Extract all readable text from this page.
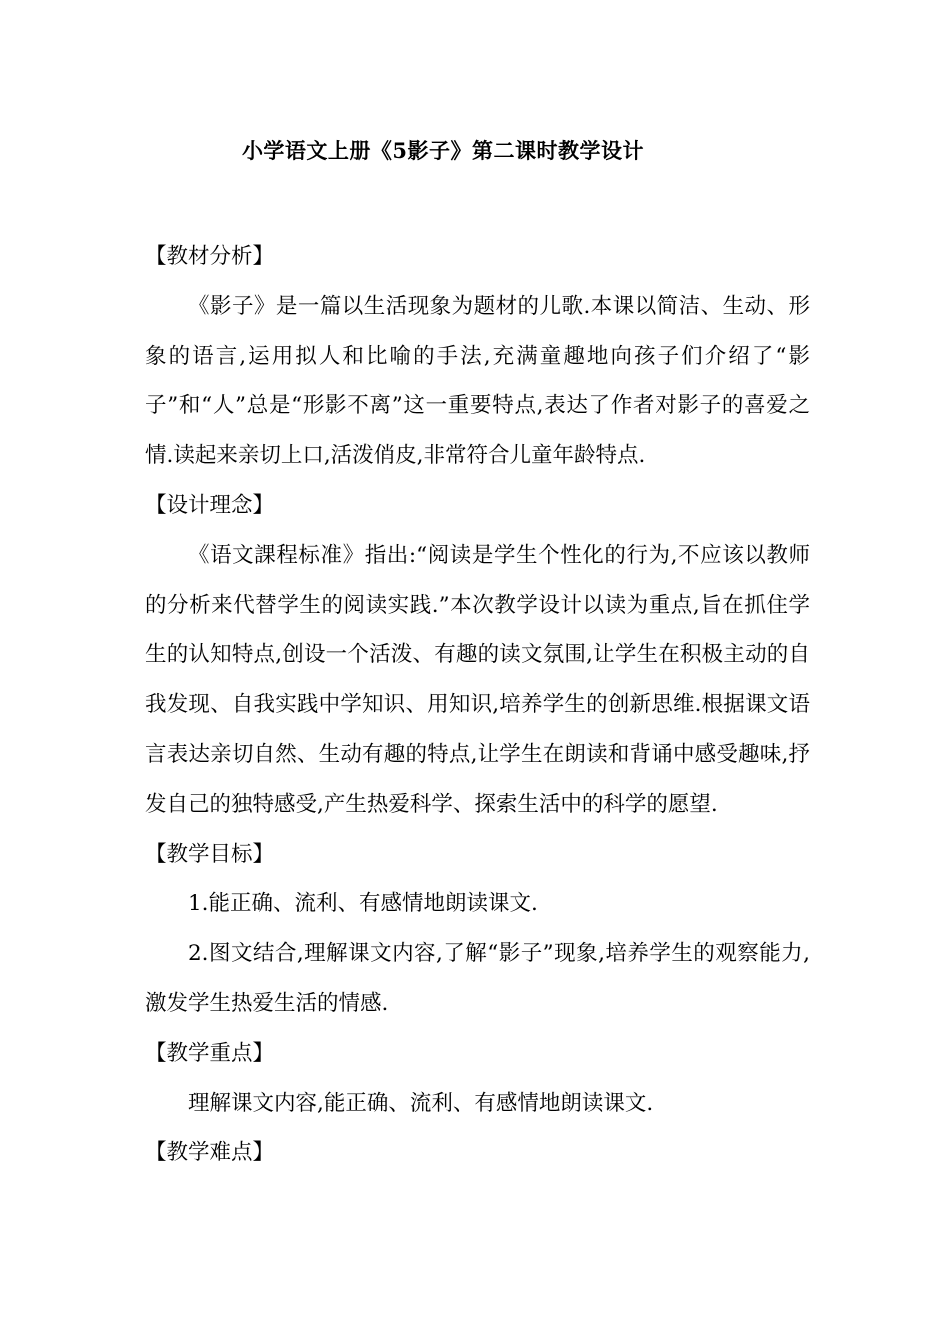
小学语文上册《5影子》第二课时教学设计

【教材分析】

《影子》是一篇以生活现象为题材的儿歌.本课以简洁、生动、形象的语言,运用拟人和比喻的手法,充满童趣地向孩子们介绍了“影子”和“人”总是“形影不离”这一重要特点,表达了作者对影子的喜爱之情.读起来亲切上口,活泼俏皮,非常符合儿童年龄特点.

【设计理念】

《语文課程标准》指出:“阅读是学生个性化的行为,不应该以教师的分析来代替学生的阅读实践.”本次教学设计以读为重点,旨在抓住学生的认知特点,创设一个活泼、有趣的读文氛围,让学生在积极主动的自我发现、自我实践中学知识、用知识,培养学生的创新思维.根据课文语言表达亲切自然、生动有趣的特点,让学生在朗读和背诵中感受趣味,抒发自己的独特感受,产生热爱科学、探索生活中的科学的愿望.

【教学目标】

1.能正确、流利、有感情地朗读课文.

2.图文结合,理解课文内容,了解“影子”现象,培养学生的观察能力,激发学生热爱生活的情感.

【教学重点】

理解课文内容,能正确、流利、有感情地朗读课文.

【教学难点】
